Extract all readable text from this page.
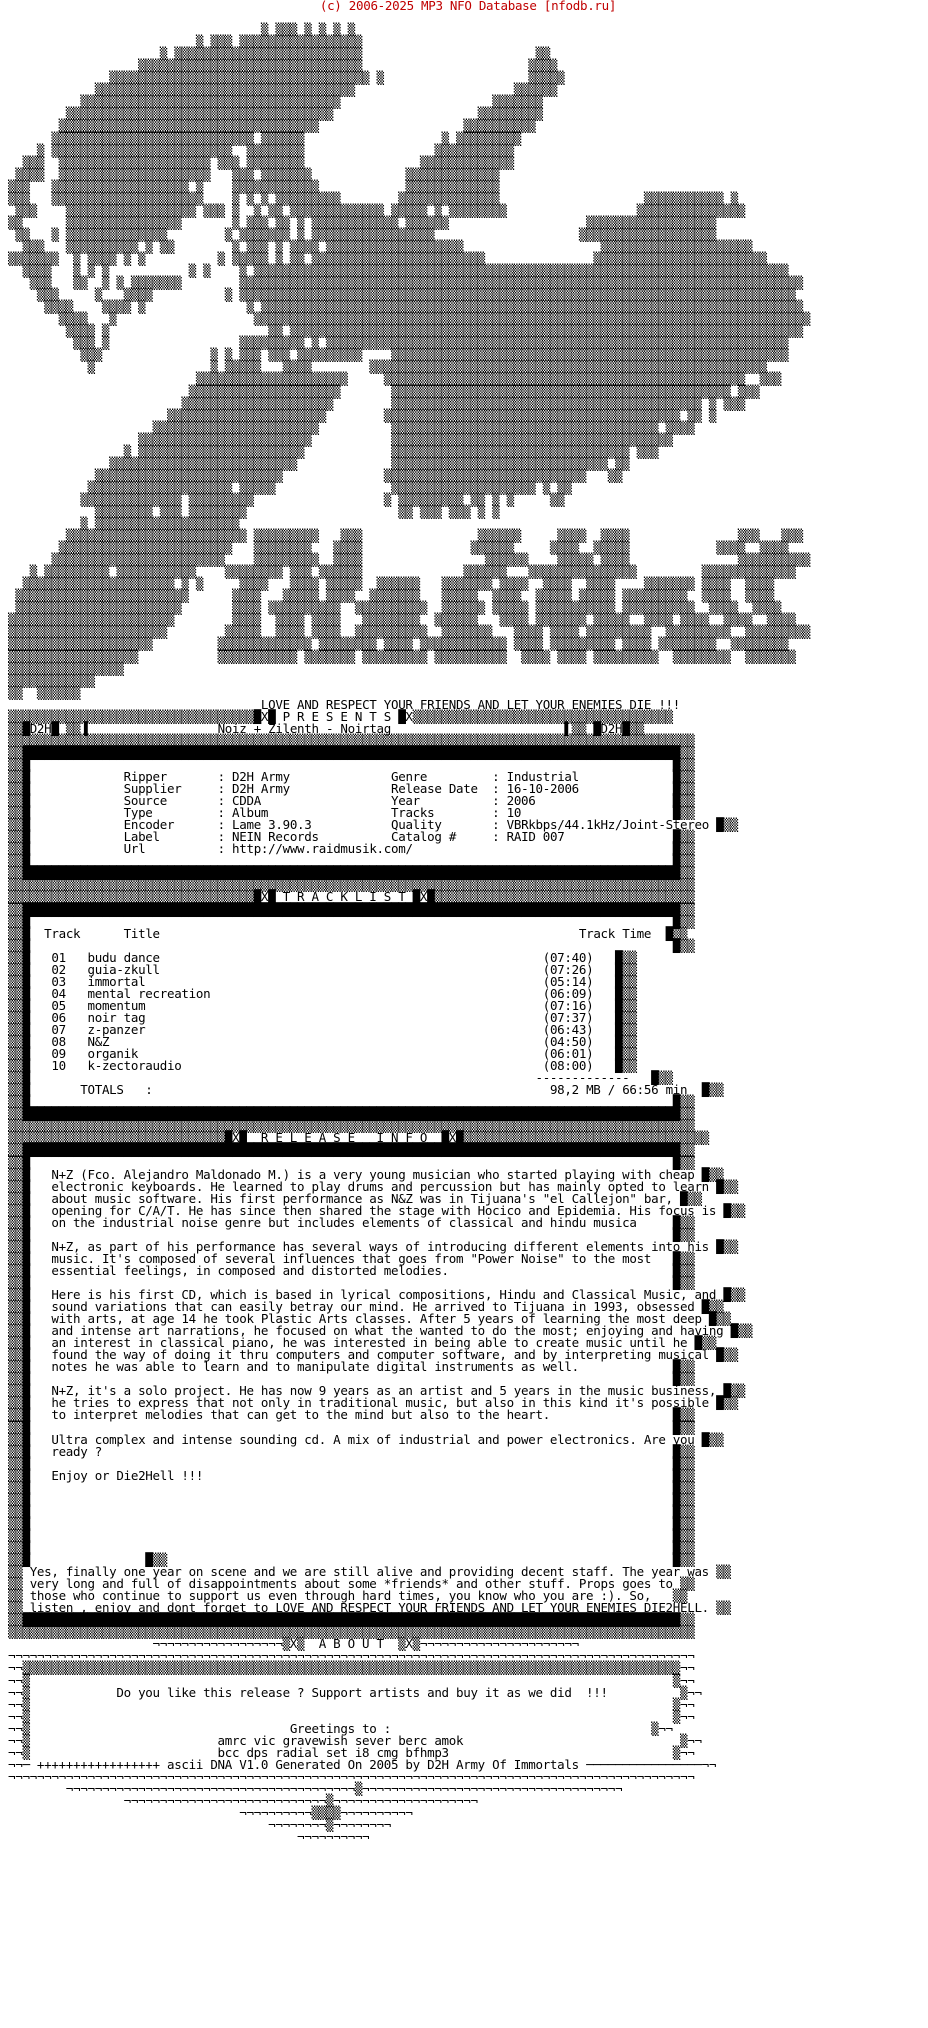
(c) 2006-2025 MP3 NFO Database [nfodb.ru]

▒ ▒▒▒ ▒ ▒ ▒ ▒
▒ ▒▒▒ ▒▒▒▒▒▒▒▒▒▒▒▒▒▒▒▒▒
▒ ▒▒▒▒▒▒▒▒▒▒▒▒▒▒▒▒▒▒▒▒▒▒▒▒▒▒                        ▒▒
▒▒▒▒▒▒▒▒▒▒▒▒▒▒▒▒▒▒▒▒▒▒▒▒▒▒▒▒▒▒▒                       ▒▒▒▒
▒▒▒▒▒▒▒▒▒▒▒▒▒▒▒▒▒▒▒▒▒▒▒▒▒▒▒▒▒▒▒▒▒▒▒▒ ▒                    ▒▒▒▒▒
▒▒▒▒▒▒▒▒▒▒▒▒▒▒▒▒▒▒▒▒▒▒▒▒▒▒▒▒▒▒▒▒▒▒▒▒                      ▒▒▒▒▒▒
▒▒▒▒▒▒▒▒▒▒▒▒▒▒▒▒▒▒▒▒▒▒▒▒▒▒▒▒▒▒▒▒▒▒▒▒                     ▒▒▒▒▒▒▒
▒▒▒▒▒▒▒▒▒▒▒▒▒▒▒▒▒▒▒▒▒▒▒▒▒▒▒▒▒▒▒▒▒▒▒▒▒                    ▒▒▒▒▒▒▒▒▒
▒▒▒▒▒▒▒▒▒▒▒▒▒▒▒▒▒▒▒▒▒▒▒▒▒▒▒▒▒▒▒▒▒▒▒▒                    ▒▒▒▒▒▒▒▒▒▒
▒▒▒▒▒▒▒▒▒▒▒▒▒▒▒▒▒▒▒▒▒▒▒▒▒▒▒▒ ▒▒▒▒▒▒                   ▒ ▒▒▒▒▒▒▒▒▒
▒ ▒▒▒▒▒▒▒▒▒▒▒▒▒▒▒▒▒▒▒▒▒▒▒▒▒  ▒▒▒▒▒▒▒▒                  ▒▒▒▒▒▒▒▒▒▒▒
▒▒▒  ▒▒▒▒▒▒▒▒▒▒▒▒▒▒▒▒▒▒▒▒▒ ▒▒▒ ▒▒▒▒▒▒▒▒                ▒▒▒▒▒▒▒▒▒▒▒▒▒
▒▒▒▒  ▒▒▒▒▒▒▒▒▒▒▒▒▒▒▒▒▒▒▒▒▒   ▒▒▒ ▒▒▒▒▒▒▒             ▒▒▒▒▒▒▒▒▒▒▒▒▒
▒▒▒   ▒▒▒▒▒▒▒▒▒▒▒▒▒▒▒▒▒▒▒ ▒    ▒▒▒▒▒▒▒▒▒▒▒▒            ▒▒▒▒▒▒▒▒▒▒▒▒▒
▒▒▒   ▒▒▒▒▒▒▒▒▒▒▒▒▒▒▒▒▒▒▒▒▒    ▒ ▒ ▒ ▒▒▒▒▒▒▒▒▒        ▒▒▒▒▒▒▒▒▒▒▒▒▒▒                    ▒▒▒▒▒▒▒▒▒▒▒ ▒
▒▒▒    ▒▒▒▒▒▒▒▒▒▒▒▒▒▒▒▒▒▒ ▒▒▒ ▒  ▒ ▒▒ ▒▒▒▒▒▒▒▒▒▒▒▒▒ ▒▒▒▒▒ ▒ ▒▒▒▒▒▒▒▒                  ▒▒▒▒▒▒▒▒▒▒▒▒▒▒▒
▒▒      ▒▒▒▒▒▒▒▒▒▒▒▒▒▒▒▒       ▒ ▒▒▒ ▒▒ ▒ ▒▒▒▒▒▒▒▒▒▒▒▒ ▒▒▒▒▒▒                   ▒▒▒▒▒▒▒▒▒▒▒▒▒▒▒▒▒▒
▒▒   ▒ ▒▒▒▒▒▒▒▒▒▒▒▒▒▒        ▒ ▒▒▒▒▒▒▒ ▒ ▒▒▒▒▒▒▒▒▒▒▒▒▒▒▒▒▒                    ▒▒▒▒▒▒▒▒▒▒▒▒▒▒▒▒▒▒▒
▒▒▒   ▒▒▒▒▒▒▒▒▒▒ ▒ ▒▒        ▒ ▒▒▒ ▒ ▒▒▒▒ ▒▒▒▒▒▒▒▒▒▒▒▒▒▒▒▒▒▒▒                   ▒▒▒▒▒▒▒▒▒▒▒▒▒▒▒▒▒▒▒▒▒
▒▒▒▒▒▒▒  ▒ ▒▒▒▒ ▒ ▒          ▒ ▒▒▒▒▒ ▒ ▒▒ ▒▒▒▒▒▒▒▒▒▒▒▒▒▒▒▒▒▒▒▒▒▒▒▒               ▒▒▒▒▒▒▒▒▒▒▒▒▒▒▒▒▒▒▒▒▒▒▒▒
▒▒▒▒   ▒ ▒ ▒           ▒ ▒    ▒ ▒▒▒▒▒▒▒▒▒▒▒▒▒▒▒▒▒▒▒▒▒▒▒▒▒▒▒▒▒▒▒▒▒▒▒▒▒▒▒▒▒▒▒▒▒▒▒▒▒▒▒▒▒▒▒▒▒▒▒▒▒▒▒▒▒▒▒▒▒▒▒▒▒▒
▒▒▒   ▒▒  ▒ ▒ ▒▒▒▒▒▒▒        ▒▒▒▒▒▒▒▒▒▒▒▒▒▒▒▒▒▒▒▒▒▒▒▒▒▒▒▒▒▒▒▒▒▒▒▒▒▒▒▒▒▒▒▒▒▒▒▒▒▒▒▒▒▒▒▒▒▒▒▒▒▒▒▒▒▒▒▒▒▒▒▒▒▒▒▒▒▒
▒▒▒     ▒   ▒▒▒▒          ▒ ▒▒▒▒▒▒▒▒▒▒▒▒▒▒▒▒▒▒▒▒▒▒▒▒▒▒▒▒▒▒▒▒▒▒▒▒▒▒▒▒▒▒▒▒▒▒▒▒▒▒▒▒▒▒▒▒▒▒▒▒▒▒▒▒▒▒▒▒▒▒▒▒▒▒▒▒▒
▒▒▒▒    ▒▒▒▒ ▒              ▒ ▒▒▒▒▒▒▒▒▒▒▒▒▒▒▒▒▒▒▒▒▒▒▒▒▒▒▒▒▒▒▒▒▒▒▒▒▒▒▒▒▒▒▒▒▒▒▒▒▒▒▒▒▒▒▒▒▒▒▒▒▒▒▒▒▒▒▒▒▒▒▒▒▒▒▒
▒▒▒▒   ▒                   ▒▒▒▒▒▒▒▒▒▒▒▒▒▒▒▒▒▒▒▒▒▒▒▒▒▒▒▒▒▒▒▒▒▒▒▒▒▒▒▒▒▒▒▒▒▒▒▒▒▒▒▒▒▒▒▒▒▒▒▒▒▒▒▒▒▒▒▒▒▒▒▒▒▒▒▒▒
▒▒▒▒ ▒                      ▒▒ ▒▒▒▒▒▒▒▒▒▒▒▒▒▒▒▒▒▒▒▒▒▒▒▒▒▒▒▒▒▒▒▒▒▒▒▒▒▒▒▒▒▒▒▒▒▒▒▒▒▒▒▒▒▒▒▒▒▒▒▒▒▒▒▒▒▒▒▒▒▒▒
▒▒▒ ▒                  ▒▒▒▒▒▒▒▒▒ ▒ ▒▒▒▒▒▒▒▒▒▒▒▒▒▒▒▒▒▒▒▒▒▒▒▒▒▒▒▒▒▒▒▒▒▒▒▒▒▒▒▒▒▒▒▒▒▒▒▒▒▒▒▒▒▒▒▒▒▒▒▒▒▒▒▒
▒▒▒               ▒ ▒ ▒▒▒ ▒▒▒ ▒▒▒▒▒▒▒▒▒    ▒▒▒▒▒▒▒▒▒▒▒▒▒▒▒▒▒▒▒▒▒▒▒▒▒▒▒▒▒▒▒▒▒▒▒▒▒▒▒▒▒▒▒▒▒▒▒▒▒▒▒▒▒▒▒
▒                ▒ ▒▒▒▒▒   ▒▒▒▒        ▒▒▒▒▒▒▒▒▒▒▒▒▒▒▒▒▒▒▒▒▒▒▒▒▒▒▒▒▒▒▒▒▒▒▒▒▒▒▒▒▒▒▒▒▒▒▒▒▒▒▒▒▒▒▒
▒▒▒▒▒▒▒▒▒▒▒▒▒▒▒▒▒▒▒▒▒     ▒▒▒▒▒▒▒▒▒▒▒▒▒▒▒▒▒▒▒▒▒▒▒▒▒▒▒▒▒▒▒▒▒▒▒▒▒▒▒▒▒▒▒▒▒▒▒▒▒▒  ▒▒▒
▒▒▒▒▒▒▒▒▒▒▒▒▒▒▒▒▒▒▒▒▒       ▒▒▒▒▒▒▒▒▒▒▒▒▒▒▒▒▒▒▒▒▒▒▒▒▒▒▒▒▒▒▒▒▒▒▒▒▒▒▒▒▒▒▒▒▒▒▒ ▒▒▒
▒▒▒▒▒▒▒▒▒▒▒▒▒▒▒▒▒▒▒▒▒        ▒▒▒▒▒▒▒▒▒▒▒▒▒▒▒▒▒▒▒▒▒▒▒▒▒▒▒▒▒▒▒▒▒▒▒▒▒▒▒▒▒▒▒ ▒ ▒▒▒
▒▒▒▒▒▒▒▒▒▒▒▒▒▒▒▒▒▒▒▒▒▒        ▒▒▒▒▒▒▒▒▒▒▒▒▒▒▒▒▒▒▒▒▒▒▒▒▒▒▒▒▒▒▒▒▒▒▒▒▒▒▒▒▒ ▒▒ ▒
▒▒▒▒▒▒▒▒▒▒▒▒▒▒▒▒▒▒▒▒▒▒▒          ▒▒▒▒▒▒▒▒▒▒▒▒▒▒▒▒▒▒▒▒▒▒▒▒▒▒▒▒▒▒▒▒▒▒▒▒▒ ▒▒▒▒
▒▒▒▒▒▒▒▒▒▒▒▒▒▒▒▒▒▒▒▒▒▒▒▒           ▒▒▒▒▒▒▒▒▒▒▒▒▒▒▒▒▒▒▒▒▒▒▒▒▒▒▒▒▒▒▒▒▒▒▒▒▒▒▒
▒ ▒▒▒▒▒▒▒▒▒▒▒▒▒▒▒▒▒▒▒▒▒▒▒            ▒▒▒▒▒▒▒▒▒▒▒▒▒▒▒▒▒▒▒▒▒▒▒▒▒▒▒▒▒▒▒▒▒ ▒▒▒
▒▒▒▒▒▒▒▒▒▒▒▒▒▒▒▒▒▒▒▒▒▒▒▒▒▒             ▒▒▒▒▒▒▒▒▒▒▒▒▒▒▒▒▒▒▒▒▒▒▒▒▒▒▒▒▒▒ ▒▒
▒▒▒▒▒▒▒▒▒▒▒▒▒▒▒▒▒▒▒▒▒▒▒▒▒▒              ▒▒▒▒▒▒▒▒▒▒▒▒▒▒▒▒▒▒▒▒▒▒▒▒▒▒▒▒   ▒▒
▒▒▒▒▒▒▒▒▒▒▒▒▒▒▒▒▒▒▒▒ ▒▒▒▒▒                ▒▒▒▒▒▒▒▒▒▒▒▒▒▒▒▒▒▒▒▒ ▒ ▒▒
▒▒▒▒▒▒▒▒▒▒▒▒▒▒ ▒▒▒▒▒▒▒▒▒                  ▒ ▒▒▒▒▒▒▒▒▒ ▒▒ ▒ ▒     ▒▒
▒▒▒▒▒▒▒▒ ▒▒▒ ▒▒▒▒▒▒▒▒                     ▒▒ ▒▒▒ ▒▒▒ ▒ ▒
▒ ▒▒▒▒▒▒▒▒▒▒▒▒▒▒▒▒▒▒▒▒
▒▒▒▒▒▒▒▒▒▒▒▒▒▒▒▒▒▒▒▒▒▒▒▒▒ ▒▒▒▒▒▒▒▒▒   ▒▒▒                ▒▒▒▒▒▒     ▒▒▒▒  ▒▒▒▒               ▒▒▒   ▒▒▒
▒▒▒▒▒▒▒▒▒▒▒▒▒▒▒▒▒▒▒▒▒▒▒▒   ▒▒▒▒▒▒▒▒   ▒▒▒▒               ▒▒▒▒▒▒     ▒▒▒▒  ▒▒▒▒▒            ▒▒▒▒  ▒▒▒▒
▒▒▒▒▒▒▒▒▒▒▒▒▒▒▒▒▒▒▒▒▒▒▒▒    ▒▒▒▒▒▒▒▒▒  ▒▒▒▒                 ▒▒▒▒▒▒    ▒▒▒▒▒ ▒▒▒▒               ▒▒▒▒▒▒▒▒▒▒
▒ ▒▒▒▒▒▒▒▒▒ ▒▒▒▒▒▒▒▒▒▒▒    ▒▒▒▒▒▒▒▒ ▒▒▒ ▒▒▒▒▒▒              ▒▒▒▒▒▒   ▒▒▒▒▒▒▒▒▒▒▒▒▒▒▒         ▒▒▒▒▒▒▒▒▒▒▒▒▒
▒▒▒▒▒▒▒▒▒▒▒▒▒▒▒▒▒▒▒▒▒ ▒ ▒     ▒▒▒▒   ▒▒▒▒ ▒▒▒▒▒  ▒▒▒▒▒▒   ▒▒▒▒▒▒▒ ▒▒▒▒  ▒▒▒▒  ▒▒▒▒    ▒▒▒▒▒▒▒ ▒▒▒▒  ▒▒▒▒
▒▒▒▒▒▒▒▒▒▒▒▒▒▒▒▒▒▒▒▒▒▒▒▒      ▒▒▒▒   ▒▒▒▒▒ ▒▒▒▒  ▒▒▒▒▒▒▒   ▒▒▒▒▒  ▒▒▒▒  ▒▒▒▒▒ ▒▒▒▒▒ ▒▒▒▒▒▒▒▒▒  ▒▒▒▒  ▒▒▒▒
▒▒▒▒▒▒▒▒▒▒▒▒▒▒▒▒▒▒▒▒▒▒▒       ▒▒▒▒ ▒▒▒▒▒▒▒▒▒▒  ▒▒▒▒▒▒▒▒▒▒  ▒▒▒▒▒▒ ▒▒▒▒▒ ▒▒▒▒▒▒▒▒▒▒▒ ▒▒▒▒▒▒▒▒▒▒  ▒▒▒▒  ▒▒▒▒
▒▒▒▒▒▒▒▒▒▒▒▒▒▒▒▒▒▒▒▒▒▒▒        ▒▒▒▒  ▒▒▒▒ ▒▒▒▒   ▒▒▒▒▒▒▒▒  ▒▒▒▒▒▒   ▒▒▒▒ ▒▒▒▒▒▒▒ ▒▒▒▒▒  ▒▒▒▒ ▒▒▒▒  ▒▒▒▒  ▒▒▒▒
▒▒▒▒▒▒▒▒▒▒▒▒▒▒▒▒▒▒▒▒▒▒        ▒▒▒▒▒  ▒▒▒▒ ▒▒▒▒  ▒▒▒▒▒▒▒▒▒▒  ▒▒▒▒▒▒▒   ▒▒▒▒ ▒▒▒▒ ▒▒▒▒▒▒▒▒▒  ▒▒▒▒▒▒▒▒▒  ▒▒▒▒▒▒▒▒▒
▒▒▒▒▒▒▒▒▒▒▒▒▒▒▒▒▒▒▒▒         ▒▒▒▒▒▒▒▒▒▒▒▒▒ ▒▒▒▒▒▒▒▒ ▒▒▒▒ ▒▒▒▒▒▒▒▒▒▒▒▒ ▒▒▒▒ ▒▒▒▒▒▒▒▒▒ ▒▒▒▒ ▒▒▒▒▒▒▒▒  ▒▒▒▒▒▒▒▒
▒▒▒▒▒▒▒▒▒▒▒▒▒▒▒▒▒▒           ▒▒▒▒▒▒▒▒▒▒▒ ▒▒▒▒▒▒▒ ▒▒▒▒▒▒▒▒▒ ▒▒▒▒▒▒▒▒▒▒  ▒▒▒▒ ▒▒▒▒ ▒▒▒▒▒▒▒▒▒  ▒▒▒▒▒▒▒▒  ▒▒▒▒▒▒▒
▒▒▒▒▒▒▒▒▒▒▒▒▒▒▒▒
▒▒▒▒▒▒▒▒▒▒▒▒
▒▒  ▒▒▒▒▒▒
LOVE AND RESPECT YOUR FRIENDS AND LET YOUR ENEMIES DIE !!!
▒▒▒▒▒▒▒▒▒▒▒▒▒▒▒▒▒▒▒▒▒▒▒▒▒▒▒▒▒▒▒▒▒▒█X█ P R E S E N T S █X▒▒▒▒▒▒▒▒▒▒▒▒▒▒▒▒▒▒▒▒▒▒▒▒▒▒▒▒▒▒▒▒▒▒▒▒
▒▒█D2H█ ▒▒▐                  Noiz + Zilenth - Noirtag                        ▌▒▒ █D2H█▒▒
▒▒▒▒▒▒▒▒▒▒▒▒▒▒▒▒▒▒▒▒▒▒▒▒▒▒▒▒▒▒▒▒▒▒▒▒▒▒▒▒▒▒▒▒▒▒▒▒▒▒▒▒▒▒▒▒▒▒▒▒▒▒▒▒▒▒▒▒▒▒▒▒▒▒▒▒▒▒▒▒▒▒▒▒▒▒▒▒▒▒▒▒▒▒▒
▒▒███████████████████████████████████████████████████████████████████████████████████████████▒▒
▒▒█                                                                                         █▒▒
▒▒█	Ripper       : D2H Army	Genre         : Industrial	█▒▒
▒▒█	Supplier     : D2H Army	Release Date  : 16-10-2006	█▒▒
▒▒█	Source       : CDDA	Year          : 2006	█▒▒
▒▒█	Type         : Album	Tracks        : 10	█▒▒
▒▒█	Encoder      : Lame 3.90.3	Quality       : VBRkbps/44.1kHz/Joint-Stereo █▒▒
▒▒█	Label        : NEIN Records	Catalog #     : RAID 007	█▒▒
▒▒█	Url          : http://www.raidmusik.com/	█▒▒
▒▒█                                                                                         █▒▒
▒▒███████████████████████████████████████████████████████████████████████████████████████████▒▒
▒▒▒▒▒▒▒▒▒▒▒▒▒▒▒▒▒▒▒▒▒▒▒▒▒▒▒▒▒▒▒▒▒▒▒▒▒▒▒▒▒▒▒▒▒▒▒▒▒▒▒▒▒▒▒▒▒▒▒▒▒▒▒▒▒▒▒▒▒▒▒▒▒▒▒▒▒▒▒▒▒▒▒▒▒▒▒▒▒▒▒▒▒▒▒
▒▒▒▒▒▒▒▒▒▒▒▒▒▒▒▒▒▒▒▒▒▒▒▒▒▒▒▒▒▒▒▒▒▒█X█ T R A C K L I S T █X█▒▒▒▒▒▒▒▒▒▒▒▒▒▒▒▒▒▒▒▒▒▒▒▒▒▒▒▒▒▒▒▒▒▒▒▒
▒▒███████████████████████████████████████████████████████████████████████████████████████████▒▒
▒▒█                                                                                         █▒▒
▒▒█  Track	Title	Track Time  █▒▒
▒▒█                                                                                         █▒▒
▒▒█   01 budu dance	(07:40)   █▒▒
▒▒█   02 guia-zkull	(07:26)   █▒▒
▒▒█   03 immortal	(05:14)   █▒▒
▒▒█   04 mental recreation	(06:09)   █▒▒
▒▒█   05 momentum	(07:16)   █▒▒
▒▒█   06 noir tag	(07:37)   █▒▒
▒▒█   07 z-panzer	(06:43)   █▒▒
▒▒█   08 N&Z	(04:50)   █▒▒
▒▒█   09 organik	(06:01)   █▒▒
▒▒█   10 k-zectoraudio	(08:00)   █▒▒
▒▒█                                                                      -------------   █▒▒
▒▒█	TOTALS   :                                                       98,2 MB / 66:56 min  █▒▒
▒▒█                                                                                         █▒▒
▒▒███████████████████████████████████████████████████████████████████████████████████████████▒▒
▒▒▒▒▒▒▒▒▒▒▒▒▒▒▒▒▒▒▒▒▒▒▒▒▒▒▒▒▒▒▒▒▒▒▒▒▒▒▒▒▒▒▒▒▒▒▒▒▒▒▒▒▒▒▒▒▒▒▒▒▒▒▒▒▒▒▒▒▒▒▒▒▒▒▒▒▒▒▒▒▒▒▒▒▒▒▒▒▒▒▒▒▒▒▒
▒▒▒▒▒▒▒▒▒▒▒▒▒▒▒▒▒▒▒▒▒▒▒▒▒▒▒▒▒▒█X█  R E L E A S E   I N F O  █X█▒▒▒▒▒▒▒▒▒▒▒▒▒▒▒▒▒▒▒▒▒▒▒▒▒▒▒▒▒▒▒▒▒▒
▒▒███████████████████████████████████████████████████████████████████████████████████████████▒▒
▒▒█                                                                                         █▒▒
▒▒█   N+Z (Fco. Alejandro Maldonado M.) is a very young musician who started playing with cheap █▒▒
▒▒█   electronic keyboards. He learned to play drums and percussion but has mainly opted to learn █▒▒
▒▒█   about music software. His first performance as N&Z was in Tijuana's "el Callejon" bar, █▒▒
▒▒█   opening for C/A/T. He has since then shared the stage with Hocico and Epidemia. His focus is █▒▒
▒▒█   on the industrial noise genre but includes elements of classical and hindu musica	█▒▒
▒▒█	█▒▒
▒▒█   N+Z, as part of his performance has several ways of introducing different elements into his █▒▒
▒▒█   music. It's composed of several influences that goes from "Power Noise" to the most   █▒▒
▒▒█   essential feelings, in composed and distorted melodies.	█▒▒
▒▒█	█▒▒
▒▒█   Here is his first CD, which is based in lyrical compositions, Hindu and Classical Music, and █▒▒
▒▒█   sound variations that can easily betray our mind. He arrived to Tijuana in 1993, obsessed █▒▒
▒▒█   with arts, at age 14 he took Plastic Arts classes. After 5 years of learning the most deep █▒▒
▒▒█   and intense art narrations, he focused on what the wanted to do the most; enjoying and having █▒▒
▒▒█   an interest in classical piano, he was interested in being able to create music until he █▒▒
▒▒█   found the way of doing it thru computers and computer software, and by interpreting musical █▒▒
▒▒█   notes he was able to learn and to manipulate digital instruments as well.	█▒▒
▒▒█	█▒▒
▒▒█   N+Z, it's a solo project. He has now 9 years as an artist and 5 years in the music business, █▒▒
▒▒█   he tries to express that not only in traditional music, but also in this kind it's possible █▒▒
▒▒█   to interpret melodies that can get to the mind but also to the heart.	█▒▒
▒▒█	█▒▒
▒▒█   Ultra complex and intense sounding cd. A mix of industrial and power electronics. Are you █▒▒
▒▒█   ready ?	█▒▒
▒▒█	█▒▒
▒▒█   Enjoy or Die2Hell !!!	█▒▒
▒▒█                                                                                         █▒▒
▒▒█                                                                                         █▒▒
▒▒█                                                                                         █▒▒
▒▒█                                                                                         █▒▒
▒▒█                                                                                         █▒▒
▒▒█                                                                                         █▒▒
▒▒█                █▒▒                                                                      █▒▒
▒▒ Yes, finally one year on scene and we are still alive and providing decent staff. The year was ▒▒
▒▒ very long and full of disappointments about some *friends* and other stuff. Props goes to ▒▒
▒▒ those who continue to support us even through hard times, you know who you are :). So,   ▒▒
▒▒ listen , enjoy and dont forget to LOVE AND RESPECT YOUR FRIENDS AND LET YOUR ENEMIES DIE2HELL. ▒▒
▒▒███████████████████████████████████████████████████████████████████████████████████████████▒▒
▒▒▒▒▒▒▒▒▒▒▒▒▒▒▒▒▒▒▒▒▒▒▒▒▒▒▒▒▒▒▒▒▒▒▒▒▒▒▒▒▒▒▒▒▒▒▒▒▒▒▒▒▒▒▒▒▒▒▒▒▒▒▒▒▒▒▒▒▒▒▒▒▒▒▒▒▒▒▒▒▒▒▒▒▒▒▒▒▒▒▒▒▒▒▒
¬¬¬¬¬¬¬¬¬¬¬¬¬¬¬¬¬¬▒X▒  A B O U T  ▒X▒¬¬¬¬¬¬¬¬¬¬¬¬¬¬¬¬¬¬¬¬¬¬
¬¬¬¬¬¬¬¬¬¬¬¬¬¬¬¬¬¬¬¬¬¬¬¬¬¬¬¬¬¬¬¬¬¬¬¬¬¬¬¬¬¬¬¬¬¬¬¬¬¬¬¬¬¬¬¬¬¬¬¬¬¬¬¬¬¬¬¬¬¬¬¬¬¬¬¬¬¬¬¬¬¬¬¬¬¬¬¬¬¬¬¬¬¬¬
¬¬▒▒▒▒▒▒▒▒▒▒▒▒▒▒▒▒▒▒▒▒▒▒▒▒▒▒▒▒▒▒▒▒▒▒▒▒▒▒▒▒▒▒▒▒▒▒▒▒▒▒▒▒▒▒▒▒▒▒▒▒▒▒▒▒▒▒▒▒▒▒▒▒▒▒▒▒▒▒▒▒▒▒▒▒▒▒▒▒▒▒▒¬¬
¬¬▒                                                                                         ▒¬¬
¬¬▒	Do you like this release ? Support artists and buy it as we did  !!!	▒¬¬
¬¬▒                                                                                         ▒¬¬
¬¬▒                                                                                         ▒¬¬
¬¬▒	Greetings to :	▒¬¬
¬¬▒	amrc vic gravewish sever berc amok	▒¬¬
¬¬▒	bcc dps radial set i8 cmg bfhmp3	▒¬¬
¬¬─ +++++++++++++++++ ascii DNA V1.0 Generated On 2005 by D2H Army Of Immortals ────────────────¬¬
¬¬¬¬¬¬¬¬¬¬¬¬¬¬¬¬¬¬¬¬¬¬¬¬¬¬¬¬¬¬¬¬¬¬¬¬¬¬¬¬¬¬¬¬¬¬¬¬¬¬¬¬¬¬¬¬¬¬¬¬¬¬¬¬¬¬¬¬¬¬¬¬¬¬¬¬¬¬¬¬¬¬¬¬¬¬¬¬¬¬¬¬¬¬¬
¬¬¬¬¬¬¬¬¬¬¬¬¬¬¬¬¬¬¬¬¬¬¬¬¬¬¬¬¬¬¬¬¬¬¬¬¬¬¬¬▒¬¬¬¬¬¬¬¬¬¬¬¬¬¬¬¬¬¬¬¬¬¬¬¬¬¬¬¬¬¬¬¬¬¬¬¬
¬¬¬¬¬¬¬¬¬¬¬¬¬¬¬¬¬¬¬¬¬¬¬¬¬¬¬¬▒¬¬¬¬¬¬¬¬¬¬¬¬¬¬¬¬¬¬¬¬
¬¬¬¬¬¬¬¬¬¬▒▒▒▒¬¬¬¬¬¬¬¬¬¬
¬¬¬¬¬¬¬¬▒¬¬¬¬¬¬¬¬
¬¬¬¬¬¬¬¬¬¬
